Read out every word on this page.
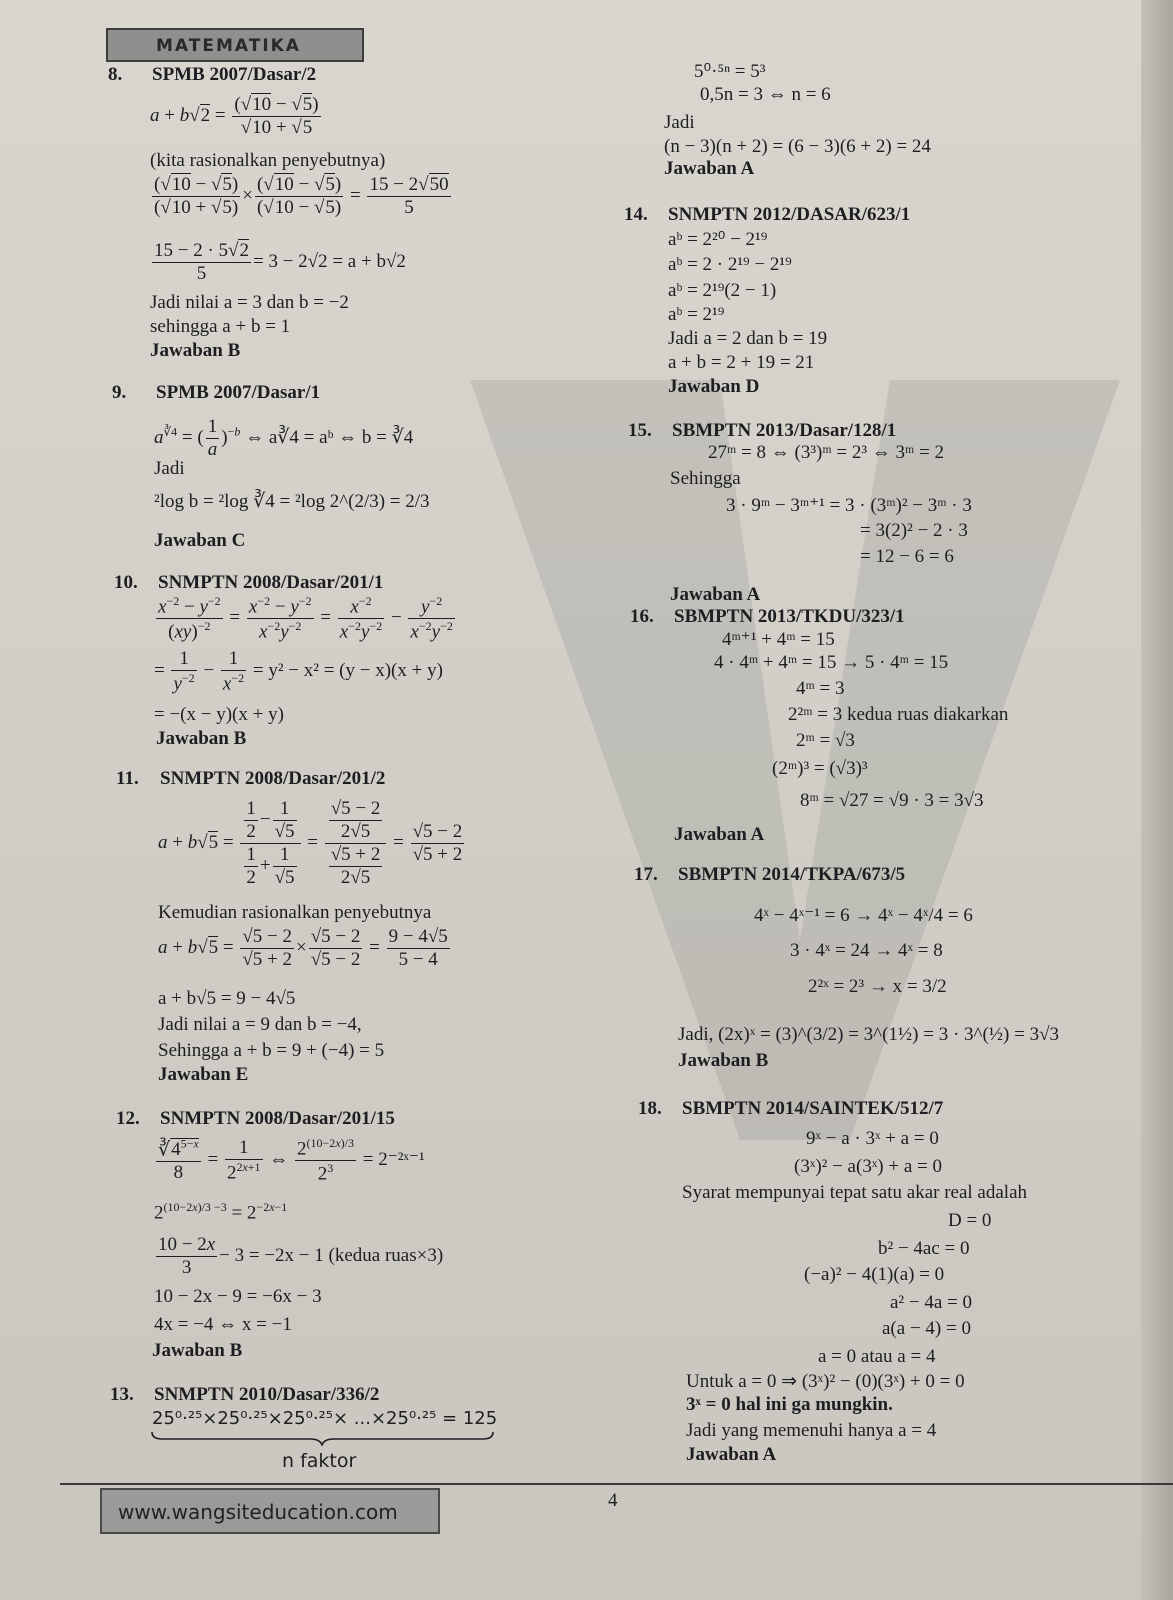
MATEMATIKA
8. SPMB 2007/Dasar/2
$a + b√2 = \frac{(√10 - √5)}{√10 + √5}$
(kita rasionalkan penyebutnya)
$\frac{(√10 - √5)}{(√10 + √5)} \times \frac{(√10 - √5)}{(√10 - √5)} = \frac{15 - 2√50}{5}$
$\frac{15 - 2 \cdot 5√2}{5} = 3 - 2√2 = a + b√2$
Jadi nilai a = 3 dan b = −2
sehingga a + b = 1
Jawaban B
9. SPMB 2007/Dasar/1
$a^{∛4}$ = ( $\frac{1}{a} )^{-b}$ ⇔ a∛4 = aᵇ ⇔ b = ∛4
Jadi
²log b = ²log ∛4 = ²log 2^(2/3) = 2/3
Jawaban C
10. SNMPTN 2008/Dasar/201/1
$\frac{x^{-2} - y^{-2}}{(xy)^{-2}} = \frac{x^{-2} - y^{-2}}{x^{-2}y^{-2}} = \frac{x^{-2}}{x^{-2}y^{-2}} - \frac{y^{-2}}{x^{-2}y^{-2}}$
= $\frac{1}{y^{-2}} - \frac{1}{x^{-2}} = y^2 - x^2 = (y - x)(x + y)$
= −(x − y)(x + y)
Jawaban B
11. SNMPTN 2008/Dasar/201/2
$a + b√5 = \frac{\frac{1}{2} - \frac{1}{√5}}{\frac{1}{2} + \frac{1}{√5}} = \frac{\frac{√5 - 2}{2√5}}{\frac{√5 + 2}{2√5}} = \frac{√5 - 2}{√5 + 2}$
Kemudian rasionalkan penyebutnya
$a + b√5 = \frac{√5 - 2}{√5 + 2} \times \frac{√5 - 2}{√5 - 2} = \frac{9 - 4√5}{5 - 4}$
a + b√5 = 9 − 4√5
Jadi nilai a = 9 dan b = −4,
Sehingga a + b = 9 + (−4) = 5
Jawaban E
12. SNMPTN 2008/Dasar/201/15
$\frac{∛4^{5-x}}{8} = \frac{1}{2^{2x+1}}$ ⇔ $\frac{2^{(10-2x)/3}}{2^3}$ = 2⁻²ˣ⁻¹
$2^{(10-2x)/3 -3} = 2^{-2x-1}$
$\frac{10 - 2x}{3} - 3 = -2x - 1$ (kedua ruas×3)
10 − 2x − 9 = −6x − 3
4x = −4 ⇔ x = −1
Jawaban B
13. SNMPTN 2010/Dasar/336/2
25⁰·²⁵×25⁰·²⁵×25⁰·²⁵× ...×25⁰·²⁵ = 125
n faktor
5⁰·⁵ⁿ = 5³
0,5n = 3 ⇔ n = 6
Jadi
(n − 3)(n + 2) = (6 − 3)(6 + 2) = 24
Jawaban A
14. SNMPTN 2012/DASAR/623/1
aᵇ = 2²⁰ − 2¹⁹
aᵇ = 2 · 2¹⁹ − 2¹⁹
aᵇ = 2¹⁹(2 − 1)
aᵇ = 2¹⁹
Jadi a = 2 dan b = 19
a + b = 2 + 19 = 21
Jawaban D
15. SBMPTN 2013/Dasar/128/1
27ᵐ = 8 ⇔ (3³)ᵐ = 2³ ⇔ 3ᵐ = 2
Sehingga
3 · 9ᵐ − 3ᵐ⁺¹ = 3 · (3ᵐ)² − 3ᵐ · 3
= 3(2)² − 2 · 3
= 12 − 6 = 6
Jawaban A
16. SBMPTN 2013/TKDU/323/1
4ᵐ⁺¹ + 4ᵐ = 15
4 · 4ᵐ + 4ᵐ = 15 → 5 · 4ᵐ = 15
4ᵐ = 3
2²ᵐ = 3 kedua ruas diakarkan
2ᵐ = √3
(2ᵐ)³ = (√3)³
8ᵐ = √27 = √9 · 3 = 3√3
Jawaban A
17. SBMPTN 2014/TKPA/673/5
4ˣ − 4ˣ⁻¹ = 6 → 4ˣ − 4ˣ/4 = 6
3 · 4ˣ = 24 → 4ˣ = 8
2²ˣ = 2³ → x = 3/2
Jadi, (2x)ˣ = (3)^(3/2) = 3^(1½) = 3 · 3^(½) = 3√3
Jawaban B
18. SBMPTN 2014/SAINTEK/512/7
9ˣ − a · 3ˣ + a = 0
(3ˣ)² − a(3ˣ) + a = 0
Syarat mempunyai tepat satu akar real adalah
D = 0
b² − 4ac = 0
(−a)² − 4(1)(a) = 0
a² − 4a = 0
a(a − 4) = 0
a = 0 atau a = 4
Untuk a = 0 ⇒ (3ˣ)² − (0)(3ˣ) + 0 = 0
3ˣ = 0 hal ini ga mungkin.
Jadi yang memenuhi hanya a = 4
Jawaban A
www.wangsiteducation.com	4
